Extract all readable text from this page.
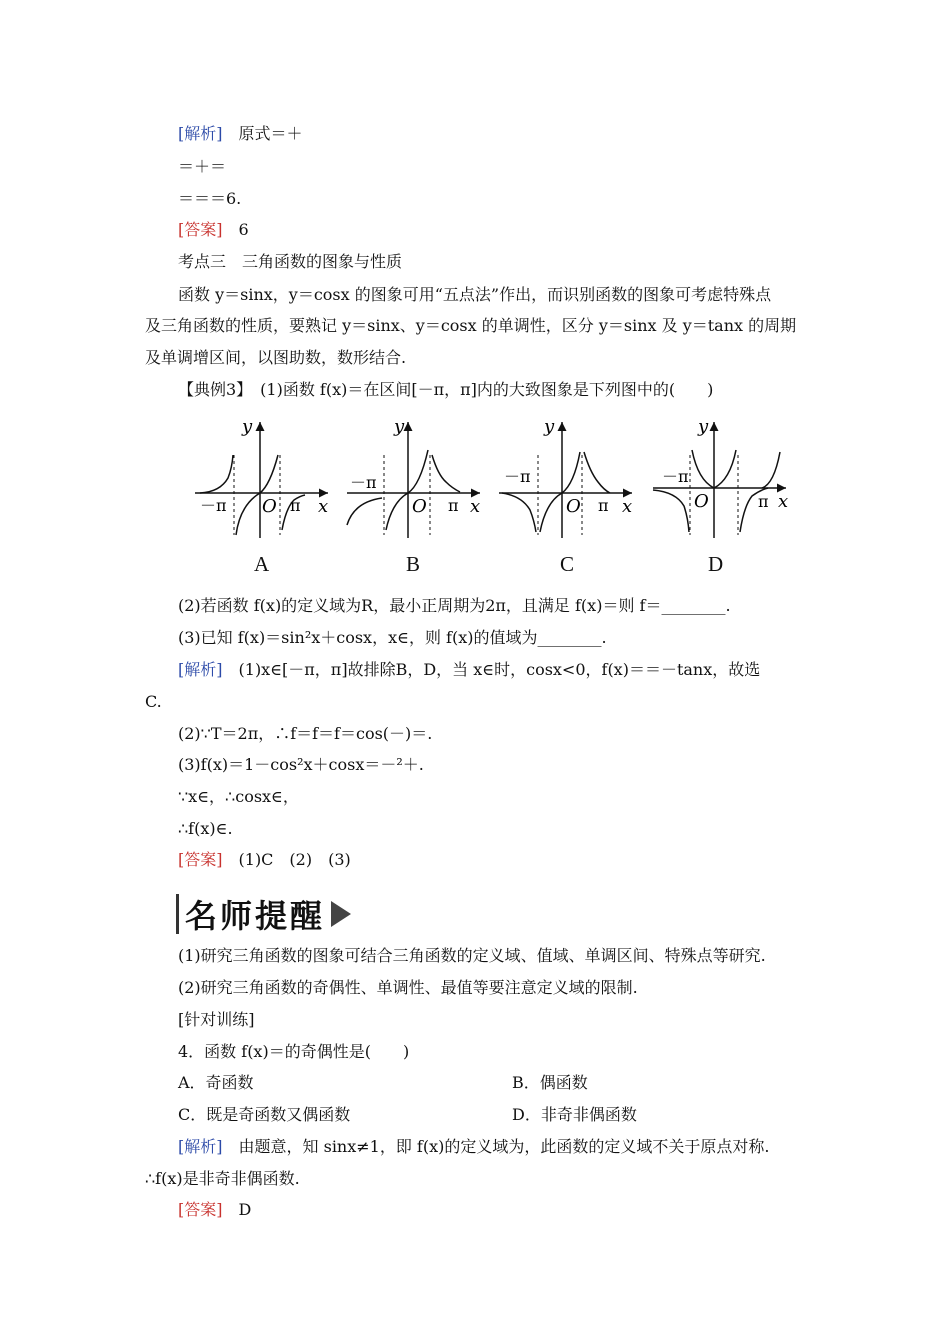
[解析]　 原式＝＋
＝＋＝
＝＝＝6.
[答案]　 6
考点三　三角函数的图象与性质
函数 y＝sinx，y＝cosx 的图象可用“五点法”作出，而识别函数的图象可考虑特殊点
及三角函数的性质，要熟记 y＝sinx、y＝cosx 的单调性，区分 y＝sinx 及 y＝tanx 的周期
及单调增区间，以图助数，数形结合.
【典例3】　(1)函数 f(x)＝在区间[－π，π]内的大致图象是下列图中的(　　)
y
x
O
－π	π
A
y
x
O
－π
π
B
y
x
O
－π
π
C
y
x
O
－π
π
D
(2)若函数 f(x)的定义域为R，最小正周期为2π，且满足 f(x)＝则 f＝________.
(3)已知 f(x)＝sin²x＋cosx，x∈，则 f(x)的值域为________.
[解析]　 (1)x∈[－π，π]故排除B，D，当 x∈时，cosx<0，f(x)＝＝－tanx，故选
C.
(2)∵T＝2π，∴f＝f＝f＝cos(－)＝.
(3)f(x)＝1－cos²x＋cosx＝－²＋.
∵x∈，∴cosx∈，
∴f(x)∈.
[答案]　 (1)C　(2)　(3)
名师提醒
(1)研究三角函数的图象可结合三角函数的定义域、值域、单调区间、特殊点等研究.
(2)研究三角函数的奇偶性、单调性、最值等要注意定义域的限制.
[针对训练]
4．函数 f(x)＝的奇偶性是(　　)
A．奇函数	B．偶函数
C．既是奇函数又偶函数	D．非奇非偶函数
[解析]　 由题意，知 sinx≠1，即 f(x)的定义域为，此函数的定义域不关于原点对称.
∴f(x)是非奇非偶函数.
[答案]　 D
